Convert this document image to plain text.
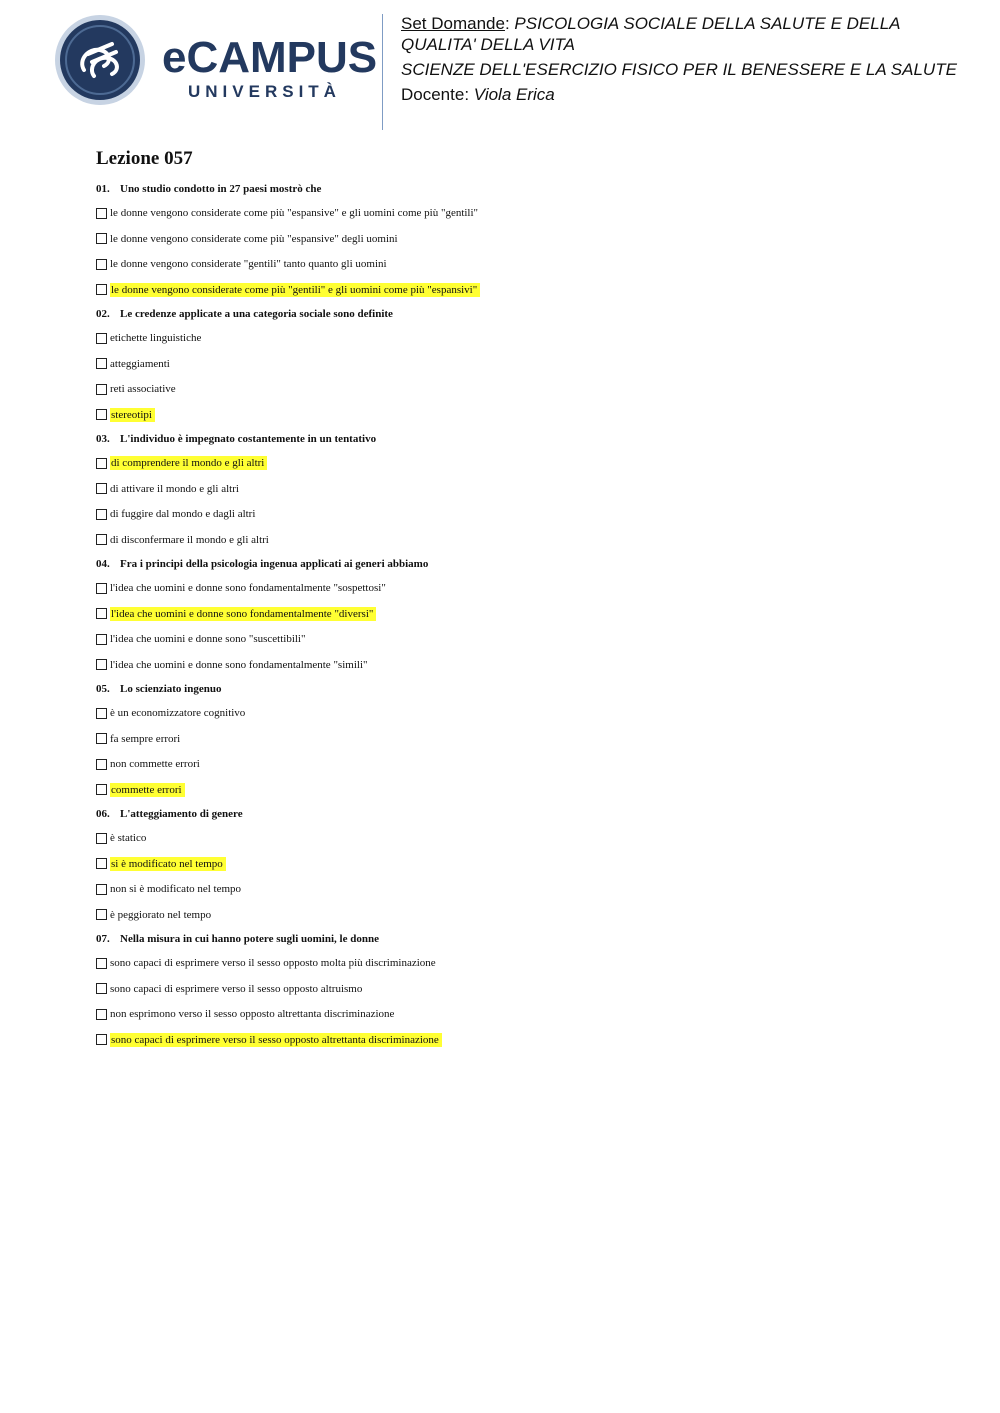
eCAMPUS
UNIVERSITÀ

Set Domande: PSICOLOGIA SOCIALE DELLA SALUTE E DELLA QUALITA' DELLA VITA

SCIENZE DELL'ESERCIZIO FISICO PER IL BENESSERE E LA SALUTE

Docente: Viola Erica

Lezione 057
01. Uno studio condotto in 27 paesi mostrò che
le donne vengono considerate come più "espansive" e gli uomini come più "gentili"
le donne vengono considerate come più "espansive" degli uomini
le donne vengono considerate "gentili" tanto quanto gli uomini
le donne vengono considerate come più "gentili" e gli uomini come più "espansivi"
02. Le credenze applicate a una categoria sociale sono definite
etichette linguistiche
atteggiamenti
reti associative
stereotipi
03. L'individuo è impegnato costantemente in un tentativo
di comprendere il mondo e gli altri
di attivare il mondo e gli altri
di fuggire dal mondo e dagli altri
di disconfermare il mondo e gli altri
04. Fra i principi della psicologia ingenua applicati ai generi abbiamo
l'idea che uomini e donne sono fondamentalmente "sospettosi"
l'idea che uomini e donne sono fondamentalmente "diversi"
l'idea che uomini e donne sono "suscettibili"
l'idea che uomini e donne sono fondamentalmente "simili"
05. Lo scienziato ingenuo
è un economizzatore cognitivo
fa sempre errori
non commette errori
commette errori
06. L'atteggiamento di genere
è statico
si è modificato nel tempo
non si è modificato nel tempo
è peggiorato nel tempo
07. Nella misura in cui hanno potere sugli uomini, le donne
sono capaci di esprimere verso il sesso opposto molta più discriminazione
sono capaci di esprimere verso il sesso opposto altruismo
non esprimono verso il sesso opposto altrettanta discriminazione
sono capaci di esprimere verso il sesso opposto altrettanta discriminazione
